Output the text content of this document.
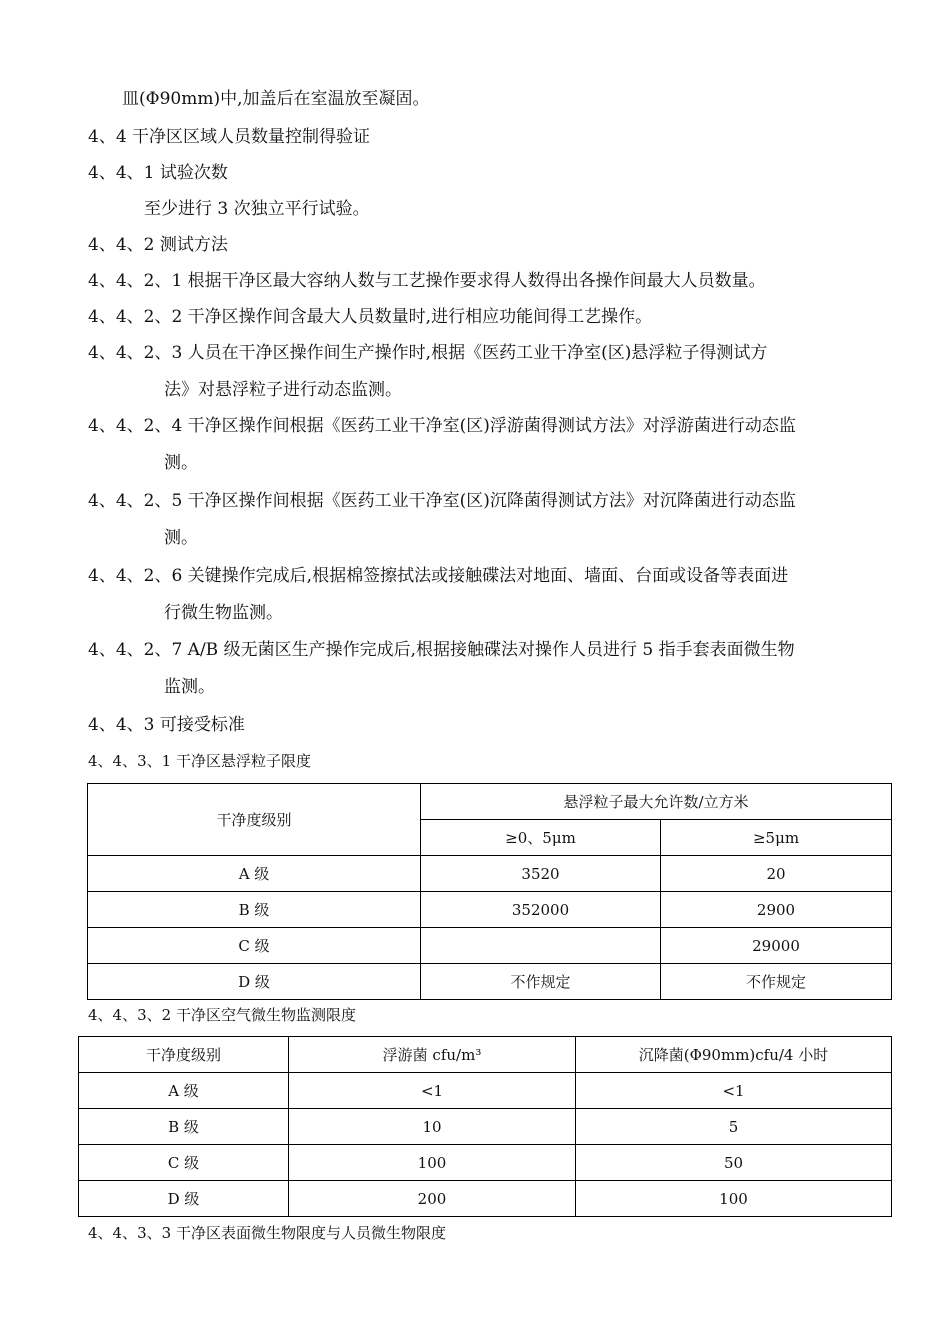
皿(Φ90mm)中,加盖后在室温放至凝固。
4、4 干净区区域人员数量控制得验证
4、4、1 试验次数
至少进行 3 次独立平行试验。
4、4、2 测试方法
4、4、2、1 根据干净区最大容纳人数与工艺操作要求得人数得出各操作间最大人员数量。
4、4、2、2 干净区操作间含最大人员数量时,进行相应功能间得工艺操作。
4、4、2、3 人员在干净区操作间生产操作时,根据《医药工业干净室(区)悬浮粒子得测试方
法》对悬浮粒子进行动态监测。
4、4、2、4 干净区操作间根据《医药工业干净室(区)浮游菌得测试方法》对浮游菌进行动态监
测。
4、4、2、5 干净区操作间根据《医药工业干净室(区)沉降菌得测试方法》对沉降菌进行动态监
测。
4、4、2、6 关键操作完成后,根据棉签擦拭法或接触碟法对地面、墙面、台面或设备等表面进
行微生物监测。
4、4、2、7 A/B 级无菌区生产操作完成后,根据接触碟法对操作人员进行 5 指手套表面微生物
监测。
4、4、3 可接受标准
4、4、3、1 干净区悬浮粒子限度
干净度级别	悬浮粒子最大允许数/立方米	
	≥0、5μm	≥5μm
A 级	3520	20
B 级	352000	2900
C 级		29000
D 级	不作规定	不作规定
4、4、3、2 干净区空气微生物监测限度
干净度级别	浮游菌 cfu/m³	沉降菌(Φ90mm)cfu/4 小时
A 级	<1	<1
B 级	10	5
C 级	100	50
D 级	200	100
4、4、3、3 干净区表面微生物限度与人员微生物限度
